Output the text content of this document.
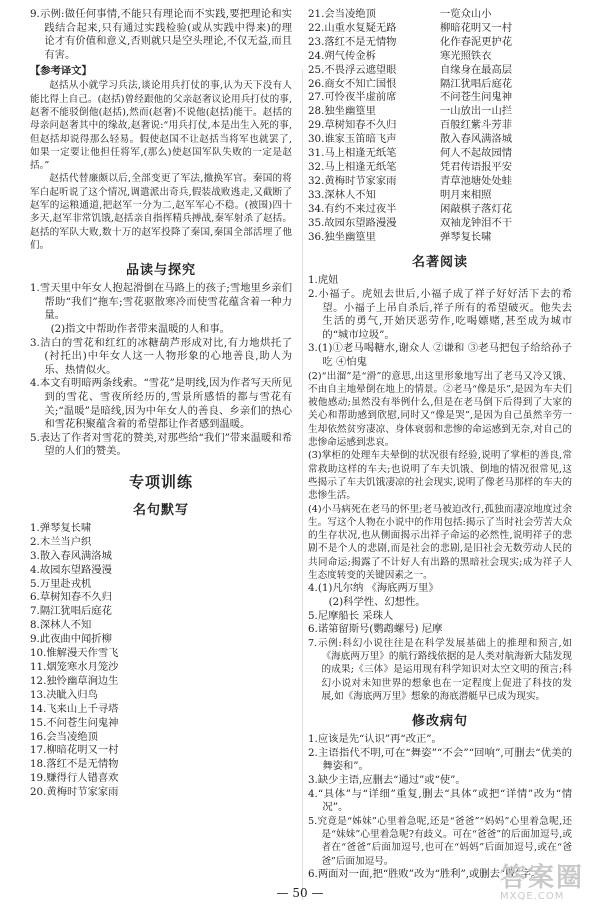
9.示例:做任何事情,不能只有理论而不实践,要把理论和实践结合起来,只有通过实践检验(或从实践中得来)的理论才有价值和意义,否则就只是空头理论,不仅无益,而且有害。

【参考译文】

赵括从小就学习兵法,谈论用兵打仗的事,认为天下没有人能比得上自己。(赵括)曾经跟他的父亲赵奢议论用兵打仗的事,赵奢不能驳倒他(赵括),然而(赵奢)不说他(赵括)能干。赵括的母亲问赵奢其中的缘故,赵奢说:“用兵打仗,本是出生入死的事,但赵括却说得那么轻易。假使赵国不让赵括当将军也就罢了,如果一定要让他担任将军,(那么)使赵国军队失败的一定是赵括。”

赵括代替廉颇以后,全部变更了军法,撤换军官。秦国的将军白起听说了这个情况,调遣派出奇兵,假装战败逃走,又截断了赵军的运粮通道,把赵军一分为二,赵军军心不稳。(被围)四十多天,赵军非常饥饿,赵括亲自指挥精兵搏战,秦军射杀了赵括。赵括的军队大败,数十万的赵军投降了秦国,秦国全部活埋了他们。

品读与探究

1.雪天里中年女人抱起滑倒在马路上的孩子;雪地里乡亲们帮助“我们”拖车;雪花驱散寒冷而使雪花蕴含着一种力量。

(2)指文中帮助作者带来温暖的人和事。

3.洁白的雪花和红红的冰糖葫芦形成对比,有力地烘托了(衬托出)中年女人这一人物形象的心地善良,助人为乐、热情似火。

4.本文有明暗两条线索。“雪花”是明线,因为作者写天所见到的雪花、雪夜所经历的,雪景所感悟的都与雪花有关;“温暖”是暗线,因为中年女人的善良、乡亲们的热心和雪花积聚蕴含着的希望都让作者感到温暖。

5.表达了作者对雪花的赞美,对那些给“我们”带来温暖和希望的人们的赞美。

专项训练
名句默写
1.弹琴复长啸
2.木兰当户织
3.散入春风满洛城
4.故园东望路漫漫
5.万里赴戎机
6.草树知春不久归
7.隔江犹唱后庭花
8.深林人不知
9.此夜曲中闻折柳
10.惟解漫天作雪飞
11.烟笼寒水月笼沙
12.独怜幽草涧边生
13.决眦入归鸟
14.飞来山上千寻塔
15.不问苍生问鬼神
16.会当凌绝顶
17.柳暗花明又一村
18.落红不是无情物
19.赚得行人错喜欢
20.黄梅时节家家雨
21.会当凌绝顶	一览众山小
22.山重水复疑无路	柳暗花明又一村
23.落红不是无情物	化作春泥更护花
24.朔气传金柝	寒光照铁衣
25.不畏浮云遮望眼	自缘身在最高层
26.商女不知亡国恨	隔江犹唱后庭花
27.可怜夜半虚前席	不问苍生问鬼神
28.独坐幽篁里	一山放出一山拦
29.草树知春不久归	百般红紫斗芳菲
30.谁家玉笛暗飞声	散入春风满洛城
31.马上相逢无纸笔	何人不起故园情
32.马上相逢无纸笔	凭君传语报平安
32.黄梅时节家家雨	青草池塘处处蛙
33.深林人不知	明月来相照
34.有约不来过夜半	闲敲棋子落灯花
35.故园东望路漫漫	双袖龙钟泪不干
36.独坐幽篁里	弹琴复长啸
名著阅读

1.虎妞

2.小福子。虎妞去世后,小福子成了祥子好好活下去的希望。小福子上吊自杀后,祥子所有的希望破灭。他失去生活的勇气,开始厌恶劳作,吃喝嫖赌,甚至成为城市的“城市垃圾”。

3.(1)①老马喝糖水,谢众人 ②谦和 ③老马把包子给给孙子吃 ④怕鬼

(2)“出溜”是“滑”的意思,出这里形象地写出了老马又冷又饿、不由自主地晕倒在地上的情景。②老马“像是乐”,是因为车夫们被他感动;虽然没有举例什么,但是在老马倒下后得到了大家的关心和帮助感到欣慰,同时又“像是哭”,是因为自己虽然辛劳一生却依然贫穷凄凉、身体衰弱和悲惨的命运感到无奈,对自己的悲惨命运感到悲哀。

(3)掌柜的处理车夫晕倒的状况很有经验,说明了掌柜的善良,常常救助这样的车夫;也说明了车夫饥饿、倒地的情况很常见,这些揭示了车夫饥饿凄凉的社会现实,说明了像老马那样的车夫的悲惨生活。

(4)小马病死在老马的怀里;老马被迫改行,孤独而凄凉地度过余生。写这个人物在小说中的作用包括:揭示了当时社会劳苦大众的生存状况,也从侧面揭示出祥子命运的必然性,说明祥子的悲剧不是个人的悲剧,而是社会的悲剧,是旧社会无数劳动人民的共同命运;揭露了不计好人有出路的黑暗社会现实;成为祥子人生态度转变的关键因素之一。

4.(1)凡尔纳 《海底两万里》

(2)科学性、幻想性。

5.尼摩船长 采珠人

6.诺第留斯号(鹦鹉螺号) 尼摩

7.示例:科幻小说往往是在科学发展基础上的推理和预言,如《海底两万里》的航行路线依据的是人类对航海新大陆发现的成果;《三体》是运用现有科学知识对太空文明的预言;科幻小说对未知世界的想象也在一定程度上促进了科技的发展,如《海底两万里》想象的海底潜艇早已成为现实。

修改病句

1.应该是先“认识”再“改正”。

2.主语指代不明,可在“舞姿”“不会”“回响”,可删去“优美的舞姿和”。

3.缺少主语,应删去“通过”或“使”。

4.“具体”与“详细”重复,删去“具体”或把“详情”改为“情况”。

5.究竟是“姊妹”心里着急呢,还是“爸爸”“妈妈”心里着急呢,还是“妹妹”心里着急呢?有歧义。可在“爸爸”的后面加逗号,或者在“爸爸”后面加逗号,也可在“妈妈”后面加逗号,或在“爸爸”后面加逗号。

6.两面对一面,把“胜败”改为“胜利”,或删去“败”字。

— 50 —	答案圈
MXQE.COM
